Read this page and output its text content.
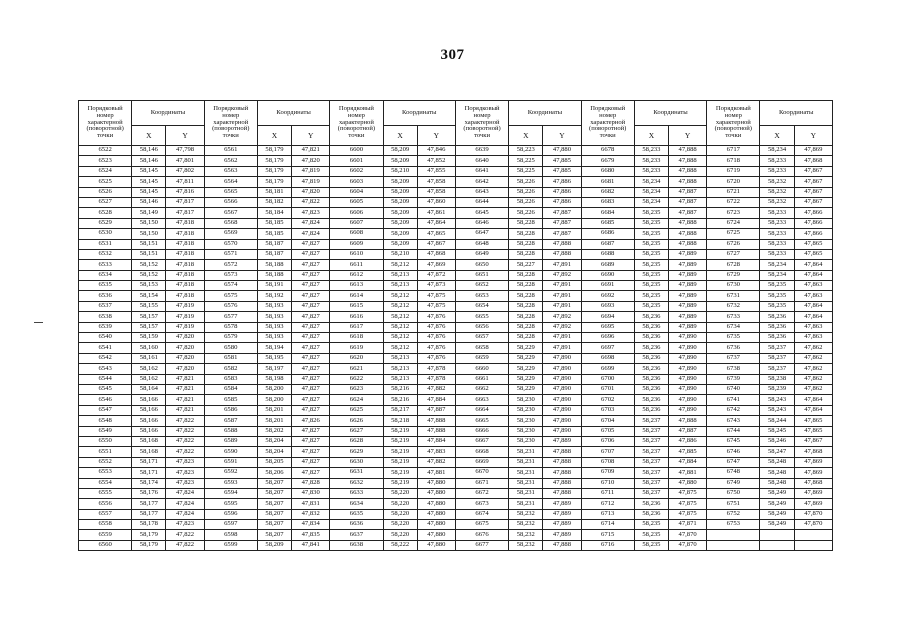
307
Порядковый номер характерной (поворотной) точки	Координаты		Порядковый номер характерной (поворотной) точки	Координаты		Порядковый номер характерной (поворотной) точки	Координаты		Порядковый номер характерной (поворотной) точки	Координаты		Порядковый номер характерной (поворотной) точки	Координаты		Порядковый номер характерной (поворотной) точки	Координаты	
	X	Y		X	Y		X	Y		X	Y		X	Y		X	Y
6522	58,146	47,798	6561	58,179	47,821	6600	58,209	47,846	6639	58,223	47,880	6678	58,233	47,888	6717	58,234	47,869
6523	58,146	47,801	6562	58,179	47,820	6601	58,209	47,852	6640	58,225	47,885	6679	58,233	47,888	6718	58,233	47,868
6524	58,145	47,802	6563	58,179	47,819	6602	58,210	47,855	6641	58,225	47,885	6680	58,233	47,888	6719	58,233	47,867
6525	58,145	47,811	6564	58,179	47,819	6603	58,209	47,858	6642	58,226	47,886	6681	58,234	47,888	6720	58,232	47,867
6526	58,145	47,816	6565	58,181	47,820	6604	58,209	47,858	6643	58,226	47,886	6682	58,234	47,887	6721	58,232	47,867
6527	58,146	47,817	6566	58,182	47,822	6605	58,209	47,860	6644	58,226	47,886	6683	58,234	47,887	6722	58,232	47,867
6528	58,149	47,817	6567	58,184	47,823	6606	58,209	47,861	6645	58,226	47,887	6684	58,235	47,887	6723	58,233	47,866
6529	58,150	47,818	6568	58,185	47,824	6607	58,209	47,864	6646	58,228	47,887	6685	58,235	47,888	6724	58,233	47,866
6530	58,150	47,818	6569	58,185	47,824	6608	58,209	47,865	6647	58,228	47,887	6686	58,235	47,888	6725	58,233	47,866
6531	58,151	47,818	6570	58,187	47,827	6609	58,209	47,867	6648	58,228	47,888	6687	58,235	47,888	6726	58,233	47,865
6532	58,151	47,818	6571	58,187	47,827	6610	58,210	47,868	6649	58,228	47,888	6688	58,235	47,889	6727	58,233	47,865
6533	58,152	47,818	6572	58,188	47,827	6611	58,212	47,869	6650	58,227	47,891	6689	58,235	47,889	6728	58,234	47,864
6534	58,152	47,818	6573	58,188	47,827	6612	58,213	47,872	6651	58,228	47,892	6690	58,235	47,889	6729	58,234	47,864
6535	58,153	47,818	6574	58,191	47,827	6613	58,213	47,873	6652	58,228	47,891	6691	58,235	47,889	6730	58,235	47,863
6536	58,154	47,818	6575	58,192	47,827	6614	58,212	47,875	6653	58,228	47,891	6692	58,235	47,889	6731	58,235	47,863
6537	58,155	47,819	6576	58,193	47,827	6615	58,212	47,875	6654	58,228	47,891	6693	58,235	47,889	6732	58,235	47,864
6538	58,157	47,819	6577	58,193	47,827	6616	58,212	47,876	6655	58,228	47,892	6694	58,236	47,889	6733	58,236	47,864
6539	58,157	47,819	6578	58,193	47,827	6617	58,212	47,876	6656	58,228	47,892	6695	58,236	47,889	6734	58,236	47,863
6540	58,159	47,820	6579	58,193	47,827	6618	58,212	47,876	6657	58,228	47,891	6696	58,236	47,890	6735	58,236	47,863
6541	58,160	47,820	6580	58,194	47,827	6619	58,212	47,876	6658	58,229	47,891	6697	58,236	47,890	6736	58,237	47,862
6542	58,161	47,820	6581	58,195	47,827	6620	58,213	47,876	6659	58,229	47,890	6698	58,236	47,890	6737	58,237	47,862
6543	58,162	47,820	6582	58,197	47,827	6621	58,213	47,878	6660	58,229	47,890	6699	58,236	47,890	6738	58,237	47,862
6544	58,162	47,821	6583	58,198	47,827	6622	58,213	47,878	6661	58,229	47,890	6700	58,236	47,890	6739	58,238	47,862
6545	58,164	47,821	6584	58,200	47,827	6623	58,216	47,882	6662	58,229	47,890	6701	58,236	47,890	6740	58,239	47,862
6546	58,166	47,821	6585	58,200	47,827	6624	58,216	47,884	6663	58,230	47,890	6702	58,236	47,890	6741	58,243	47,864
6547	58,166	47,821	6586	58,201	47,827	6625	58,217	47,887	6664	58,230	47,890	6703	58,236	47,890	6742	58,243	47,864
6548	58,166	47,822	6587	58,201	47,826	6626	58,218	47,888	6665	58,230	47,890	6704	58,237	47,888	6743	58,244	47,865
6549	58,166	47,822	6588	58,202	47,827	6627	58,219	47,888	6666	58,230	47,890	6705	58,237	47,887	6744	58,245	47,865
6550	58,168	47,822	6589	58,204	47,827	6628	58,219	47,884	6667	58,230	47,889	6706	58,237	47,886	6745	58,246	47,867
6551	58,168	47,822	6590	58,204	47,827	6629	58,219	47,883	6668	58,231	47,888	6707	58,237	47,885	6746	58,247	47,868
6552	58,171	47,823	6591	58,205	47,827	6630	58,219	47,882	6669	58,231	47,888	6708	58,237	47,884	6747	58,248	47,869
6553	58,171	47,823	6592	58,206	47,827	6631	58,219	47,881	6670	58,231	47,888	6709	58,237	47,881	6748	58,248	47,869
6554	58,174	47,823	6593	58,207	47,828	6632	58,219	47,880	6671	58,231	47,888	6710	58,237	47,880	6749	58,248	47,868
6555	58,176	47,824	6594	58,207	47,830	6633	58,220	47,880	6672	58,231	47,888	6711	58,237	47,875	6750	58,249	47,869
6556	58,177	47,824	6595	58,207	47,831	6634	58,220	47,880	6673	58,231	47,889	6712	58,236	47,875	6751	58,249	47,869
6557	58,177	47,824	6596	58,207	47,832	6635	58,220	47,880	6674	58,232	47,889	6713	58,236	47,875	6752	58,249	47,870
6558	58,178	47,823	6597	58,207	47,834	6636	58,220	47,880	6675	58,232	47,889	6714	58,235	47,871	6753	58,249	47,870
6559	58,179	47,822	6598	58,207	47,835	6637	58,220	47,880	6676	58,232	47,889	6715	58,235	47,870			
6560	58,179	47,822	6599	58,209	47,841	6638	58,222	47,880	6677	58,232	47,888	6716	58,235	47,870			
